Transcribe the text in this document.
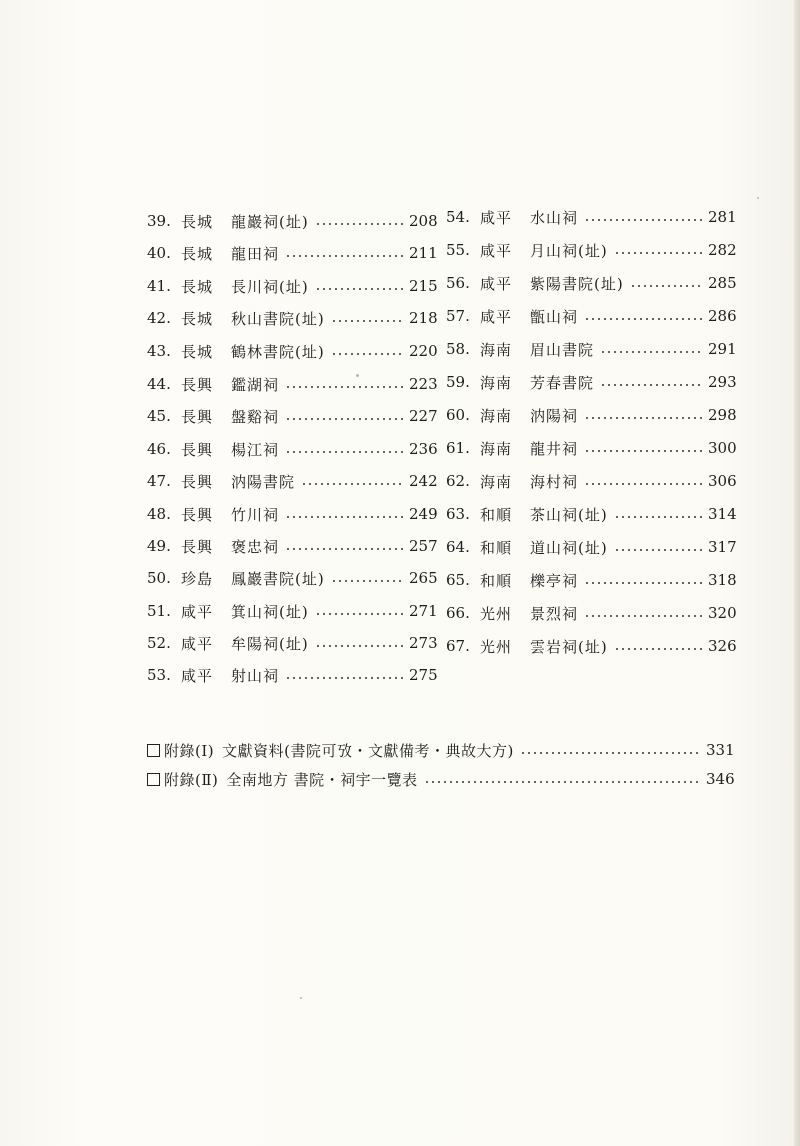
39. 長城	龍巖祠(址)	208
40. 長城	龍田祠	211
41. 長城	長川祠(址)	215
42. 長城	秋山書院(址)	218
43. 長城	鶴林書院(址)	220
44. 長興	鑑湖祠	223
45. 長興	盤谿祠	227
46. 長興	楊江祠	236
47. 長興	汭陽書院	242
48. 長興	竹川祠	249
49. 長興	褒忠祠	257
50. 珍島	鳳巖書院(址)	265
51. 咸平	箕山祠(址)	271
52. 咸平	牟陽祠(址)	273
53. 咸平	射山祠	275
54. 咸平	水山祠	281
55. 咸平	月山祠(址)	282
56. 咸平	紫陽書院(址)	285
57. 咸平	甑山祠	286
58. 海南	眉山書院	291
59. 海南	芳春書院	293
60. 海南	汭陽祠	298
61. 海南	龍井祠	300
62. 海南	海村祠	306
63. 和順	茶山祠(址)	314
64. 和順	道山祠(址)	317
65. 和順	櫟亭祠	318
66. 光州	景烈祠	320
67. 光州	雲岩祠(址)	326
附錄(Ⅰ) 文獻資料(書院可攷・文獻備考・典故大方)	331
附錄(Ⅱ) 全南地方 書院・祠宇一覽表	346
